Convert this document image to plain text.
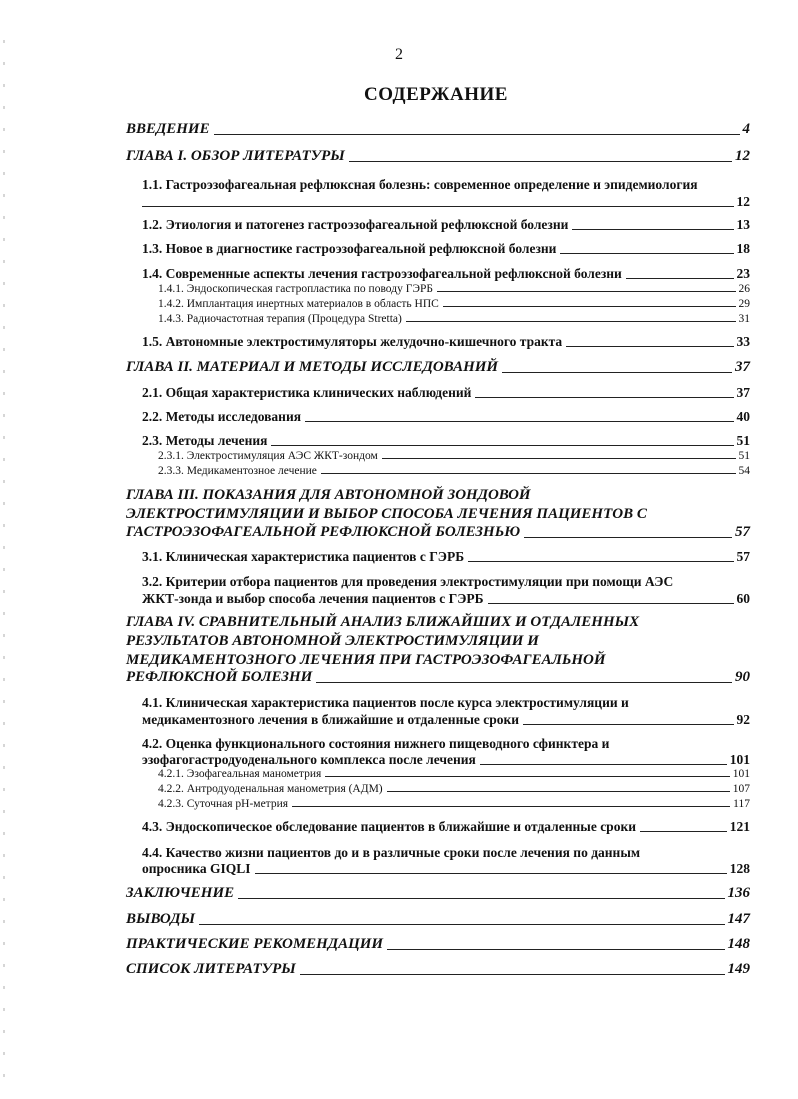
2
СОДЕРЖАНИЕ
ВВЕДЕНИЕ	4
ГЛАВА I. ОБЗОР ЛИТЕРАТУРЫ	12
1.1. Гастроэзофагеальная рефлюксная болезнь: современное определение и эпидемиология
12
1.2. Этиология и патогенез гастроэзофагеальной рефлюксной болезни	13
1.3. Новое в диагностике гастроэзофагеальной рефлюксной болезни	18
1.4. Современные аспекты лечения гастроэзофагеальной рефлюксной болезни	23
1.4.1. Эндоскопическая гастропластика по поводу ГЭРБ	26
1.4.2. Имплантация инертных материалов в область НПС	29
1.4.3. Радиочастотная терапия (Процедура Stretta)	31
1.5. Автономные электростимуляторы желудочно-кишечного тракта	33
ГЛАВА II. МАТЕРИАЛ И МЕТОДЫ ИССЛЕДОВАНИЙ	37
2.1. Общая характеристика клинических наблюдений	37
2.2. Методы исследования	40
2.3. Методы лечения	51
2.3.1. Электростимуляция АЭС ЖКТ-зондом	51
2.3.3. Медикаментозное лечение	54
ГЛАВА III. ПОКАЗАНИЯ ДЛЯ АВТОНОМНОЙ ЗОНДОВОЙ
ЭЛЕКТРОСТИМУЛЯЦИИ И ВЫБОР СПОСОБА ЛЕЧЕНИЯ ПАЦИЕНТОВ С
ГАСТРОЭЗОФАГЕАЛЬНОЙ РЕФЛЮКСНОЙ БОЛЕЗНЬЮ	57
3.1. Клиническая характеристика пациентов с ГЭРБ	57
3.2. Критерии отбора пациентов для проведения электростимуляции при помощи АЭС
ЖКТ-зонда и выбор способа лечения пациентов с ГЭРБ	60
ГЛАВА IV. СРАВНИТЕЛЬНЫЙ АНАЛИЗ БЛИЖАЙШИХ И ОТДАЛЕННЫХ
РЕЗУЛЬТАТОВ АВТОНОМНОЙ ЭЛЕКТРОСТИМУЛЯЦИИ И
МЕДИКАМЕНТОЗНОГО ЛЕЧЕНИЯ ПРИ ГАСТРОЭЗОФАГЕАЛЬНОЙ
РЕФЛЮКСНОЙ БОЛЕЗНИ	90
4.1. Клиническая характеристика пациентов после курса электростимуляции и
медикаментозного лечения в ближайшие и отдаленные сроки	92
4.2. Оценка функционального состояния нижнего пищеводного сфинктера и
эзофагогастродуоденального комплекса после лечения	101
4.2.1. Эзофагеальная манометрия	101
4.2.2. Антродуоденальная манометрия (АДМ)	107
4.2.3. Суточная рН-метрия	117
4.3. Эндоскопическое обследование пациентов в ближайшие и отдаленные сроки	121
4.4. Качество жизни пациентов до и в различные сроки после лечения по данным
опросника GIQLI	128
ЗАКЛЮЧЕНИЕ	136
ВЫВОДЫ	147
ПРАКТИЧЕСКИЕ РЕКОМЕНДАЦИИ	148
СПИСОК ЛИТЕРАТУРЫ	149
